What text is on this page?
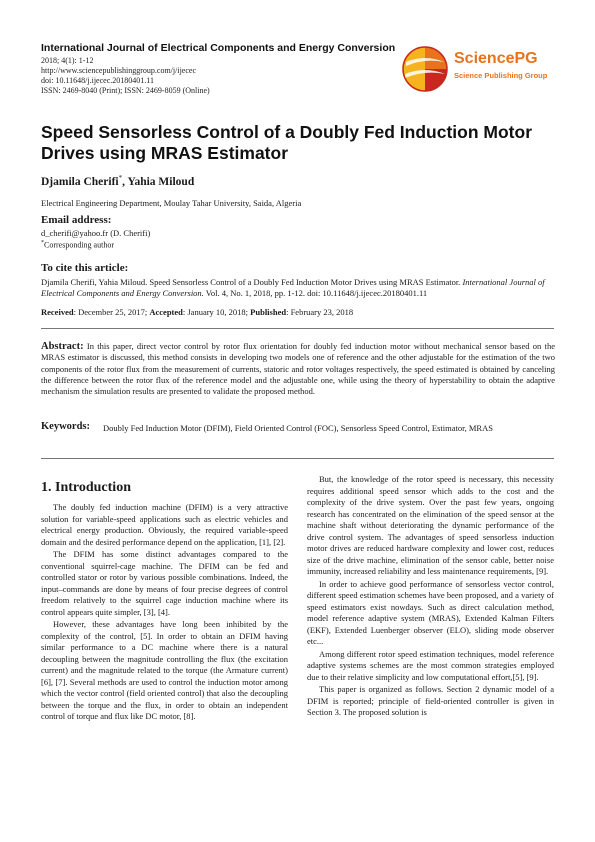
International Journal of Electrical Components and Energy Conversion
2018; 4(1): 1-12
http://www.sciencepublishinggroup.com/j/ijecec
doi: 10.11648/j.ijecec.20180401.11
ISSN: 2469-8040 (Print); ISSN: 2469-8059 (Online)
SciencePG
Science Publishing Group
Speed Sensorless Control of a Doubly Fed Induction Motor Drives using MRAS Estimator
Djamila Cherifi*, Yahia Miloud
Electrical Engineering Department, Moulay Tahar University, Saida, Algeria
Email address:
d_cherifi@yahoo.fr (D. Cherifi)
*Corresponding author
To cite this article:
Djamila Cherifi, Yahia Miloud. Speed Sensorless Control of a Doubly Fed Induction Motor Drives using MRAS Estimator. International Journal of Electrical Components and Energy Conversion. Vol. 4, No. 1, 2018, pp. 1-12. doi: 10.11648/j.ijecec.20180401.11
Received: December 25, 2017; Accepted: January 10, 2018; Published: February 23, 2018
Abstract: In this paper, direct vector control by rotor flux orientation for doubly fed induction motor without mechanical sensor based on the MRAS estimator is discussed, this method consists in developing two models one of reference and the other adjustable for the estimation of the two components of the rotor flux from the measurement of currents, statoric and rotor voltages respectively, the speed estimated is obtained by canceling the difference between the rotor flux of the reference model and the adjustable one, while using the theory of hyperstability to obtain the adaptive mechanism the simulation results are presented to validate the proposed method.
Keywords: Doubly Fed Induction Motor (DFIM), Field Oriented Control (FOC), Sensorless Speed Control, Estimator, MRAS
1. Introduction

The doubly fed induction machine (DFIM) is a very attractive solution for variable-speed applications such as electric vehicles and electrical energy production. Obviously, the required variable-speed domain and the desired performance depend on the application, [1], [2].

The DFIM has some distinct advantages compared to the conventional squirrel-cage machine. The DFIM can be fed and controlled stator or rotor by various possible combinations. Indeed, the input–commands are done by means of four precise degrees of control freedom relatively to the squirrel cage induction machine where its control appears quite simpler, [3], [4].

However, these advantages have long been inhibited by the complexity of the control, [5]. In order to obtain an DFIM having similar performance to a DC machine where there is a natural decoupling between the magnitude controlling the flux (the excitation current) and the magnitude related to the torque (the Armature current) [6], [7]. Several methods are used to control the induction motor among which the vector control (field oriented control) that also the decoupling between the torque and the flux, in order to obtain an independent control of torque and flux like DC motor, [8].

But, the knowledge of the rotor speed is necessary, this necessity requires additional speed sensor which adds to the cost and the complexity of the drive system. Over the past few years, ongoing research has concentrated on the elimination of the speed sensor at the machine shaft without deteriorating the dynamic performance of the drive control system. The advantages of speed sensorless induction motor drives are reduced hardware complexity and lower cost, reduces size of the drive machine, elimination of the sensor cable, better noise immunity, increased reliability and less maintenance requirements, [9].

In order to achieve good performance of sensorless vector control, different speed estimation schemes have been proposed, and a variety of speed estimators exist nowdays. Such as direct calculation method, model reference adaptive system (MRAS), Extended Kalman Filters (EKF), Extended Luenberger observer (ELO), sliding mode observer etc...

Among different rotor speed estimation techniques, model reference adaptive systems schemes are the most common strategies employed due to their relative simplicity and low computational effort,[5], [9].

This paper is organized as follows. Section 2 dynamic model of a DFIM is reported; principle of field-oriented controller is given in Section 3. The proposed solution is
